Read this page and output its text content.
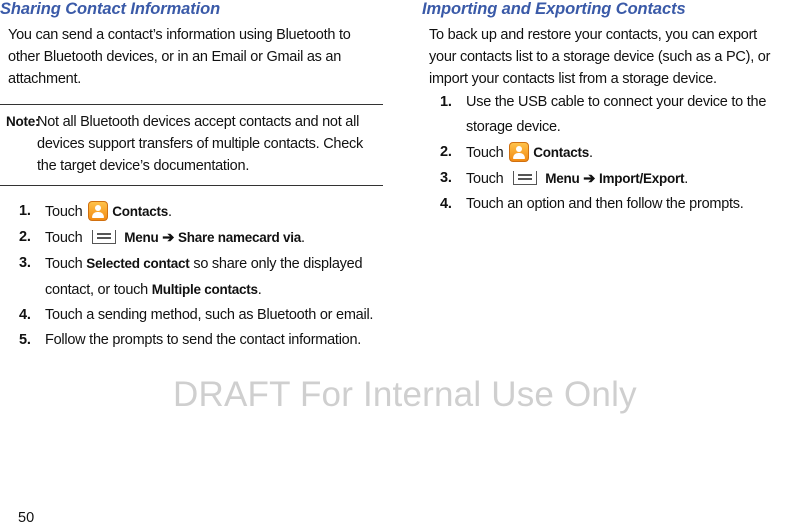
Sharing Contact Information

You can send a contact’s information using Bluetooth to other Bluetooth devices, or in an Email or Gmail as an attachment.

Note:
Not all Bluetooth devices accept contacts and not all devices support transfers of multiple contacts. Check the target device’s documentation.
1. Touch Contacts.
2. Touch	Menu ➔ Share namecard via.
3. Touch Selected contact so share only the displayed contact, or touch Multiple contacts.
4. Touch a sending method, such as Bluetooth or email.
5. Follow the prompts to send the contact information.
Importing and Exporting Contacts

To back up and restore your contacts, you can export your contacts list to a storage device (such as a PC), or import your contacts list from a storage device.

1. Use the USB cable to connect your device to the storage device.
2. Touch Contacts.
3. Touch	Menu ➔ Import/Export.
4. Touch an option and then follow the prompts.
DRAFT For Internal Use Only
50
